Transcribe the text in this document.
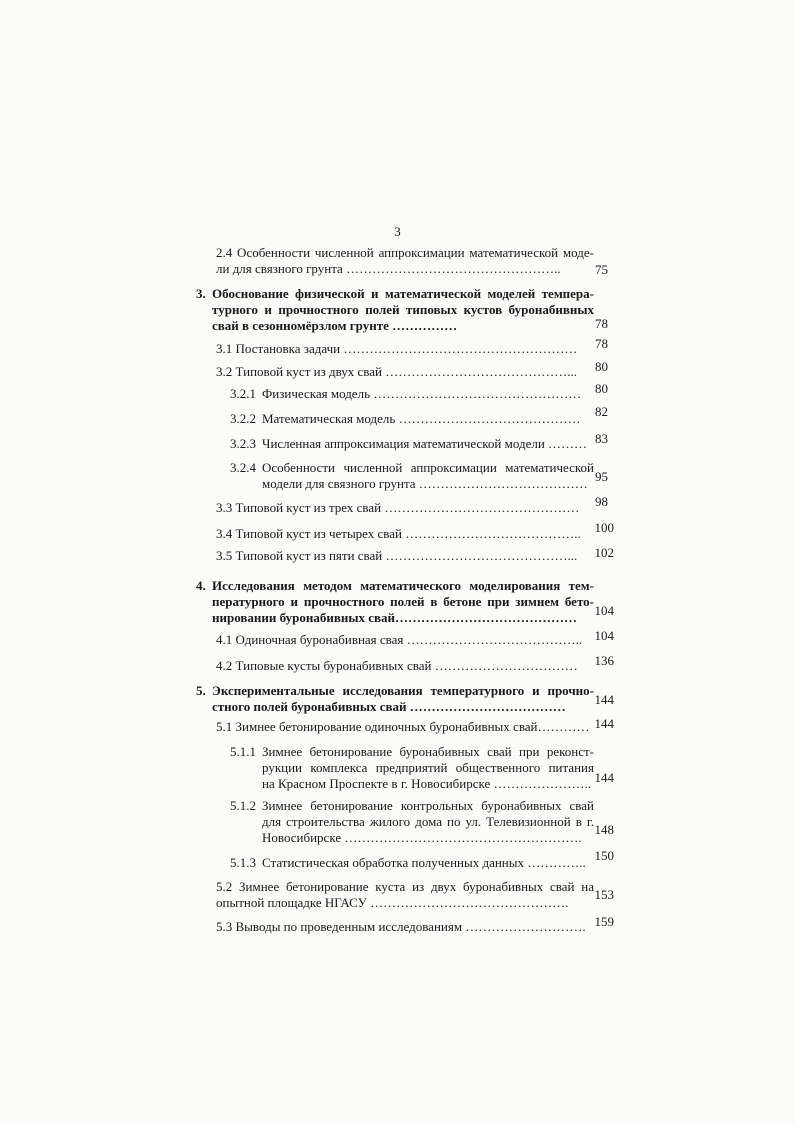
3
2.4 Особенности численной аппроксимации математической моде-
ли для связного грунта …………………………………………..	75
3. Обоснование физической и математической моделей темпера-
турного и прочностного полей типовых кустов буронабивных
свай в сезонномёрзлом грунте ……………	78
3.1 Постановка задачи ………………………………………………	78
3.2 Типовой куст из двух свай ……………………………………...	80
3.2.1 Физическая модель …………………………………………	80
3.2.2 Математическая модель ……………………………………	82
3.2.3 Численная аппроксимация математической модели ……… 83
3.2.4 Особенности численной аппроксимации математической
модели для связного грунта ………………………………… 95
3.3 Типовой куст из трех свай ………………………………………	98
3.4 Типовой куст из четырех свай …………………………………..	100
3.5 Типовой куст из пяти свай ……………………………………...	102
4. Исследования методом математического моделирования тем-
пературного и прочностного полей в бетоне при зимнем бето-
нировании буронабивных свай……………………………………	104
4.1 Одиночная буронабивная свая ………………………………….. 104
4.2 Типовые кусты буронабивных свай ……………………………	136
5. Экспериментальные исследования температурного и прочно-
стного полей буронабивных свай ………………………………	144
5.1 Зимнее бетонирование одиночных буронабивных свай………… 144
5.1.1 Зимнее бетонирование буронабивных свай при реконст-
рукции комплекса предприятий общественного питания
на Красном Проспекте в г. Новосибирске ………………….. 144
5.1.2 Зимнее бетонирование контрольных буронабивных свай
для строительства жилого дома по ул. Телевизионной в г.
Новосибирске ……………………………………………….
148
5.1.3 Статистическая обработка полученных данных ………….. 150
5.2 Зимнее бетонирование куста из двух буронабивных свай на
опытной площадке НГАСУ ……………………………………….
153
5.3 Выводы по проведенным исследованиям ………………………. 159
